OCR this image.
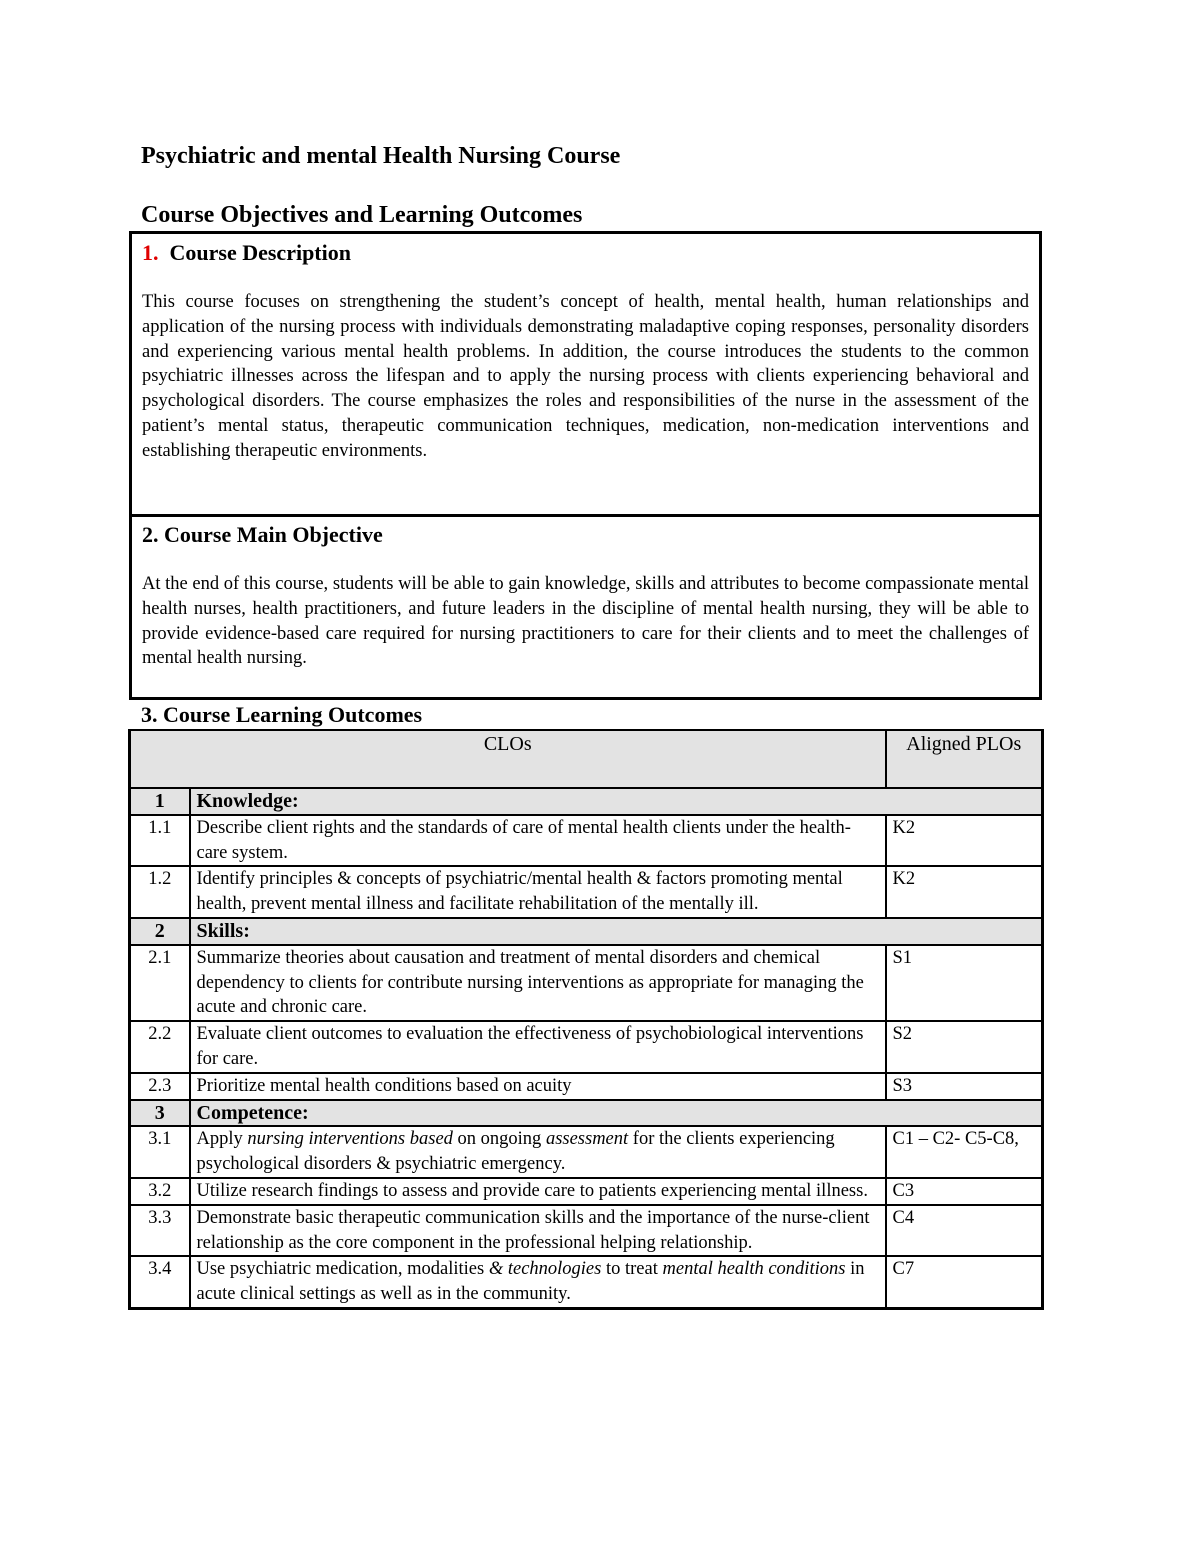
Psychiatric and mental Health Nursing Course
Course Objectives and Learning Outcomes
1. Course Description
This course focuses on strengthening the student’s concept of health, mental health, human relationships and application of the nursing process with individuals demonstrating maladaptive coping responses, personality disorders and experiencing various mental health problems. In addition, the course introduces the students to the common psychiatric illnesses across the lifespan and to apply the nursing process with clients experiencing behavioral and psychological disorders. The course emphasizes the roles and responsibilities of the nurse in the assessment of the patient’s mental status, therapeutic communication techniques, medication, non-medication interventions and establishing therapeutic environments.
2. Course Main Objective
At the end of this course, students will be able to gain knowledge, skills and attributes to become compassionate mental health nurses, health practitioners, and future leaders in the discipline of mental health nursing, they will be able to provide evidence-based care required for nursing practitioners to care for their clients and to meet the challenges of mental health nursing.
3. Course Learning Outcomes
CLOs		Aligned PLOs
1	Knowledge:	
1.1	Describe client rights and the standards of care of mental health clients under the health-care system.	K2
1.2	Identify principles & concepts of psychiatric/mental health & factors promoting mental health, prevent mental illness and facilitate rehabilitation of the mentally ill.	K2
2	Skills:	
2.1	Summarize theories about causation and treatment of mental disorders and chemical dependency to clients for contribute nursing interventions as appropriate for managing the acute and chronic care.	S1
2.2	Evaluate client outcomes to evaluation the effectiveness of psychobiological interventions for care.	S2
2.3	Prioritize mental health conditions based on acuity	S3
3	Competence:	
3.1	Apply nursing interventions based on ongoing assessment for the clients experiencing psychological disorders & psychiatric emergency.	C1 – C2- C5-C8,
3.2	Utilize research findings to assess and provide care to patients experiencing mental illness.	C3
3.3	Demonstrate basic therapeutic communication skills and the importance of the nurse-client relationship as the core component in the professional helping relationship.	C4
3.4	Use psychiatric medication, modalities & technologies to treat mental health conditions in acute clinical settings as well as in the community.	C7
